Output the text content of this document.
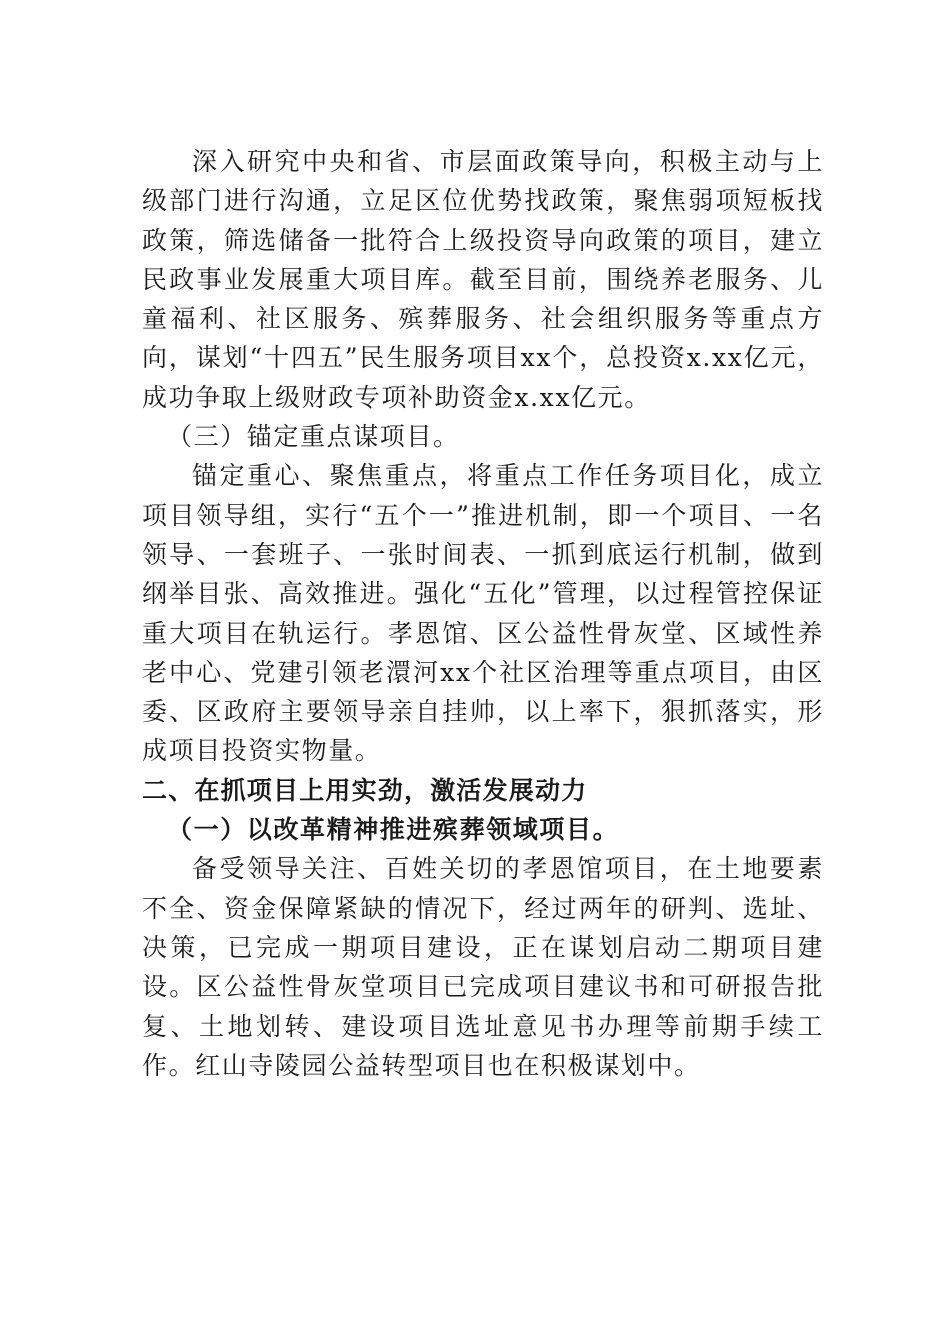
深入研究中央和省、市层面政策导向，积极主动与上级部门进行沟通，立足区位优势找政策，聚焦弱项短板找政策，筛选储备一批符合上级投资导向政策的项目，建立民政事业发展重大项目库。截至目前，围绕养老服务、儿童福利、社区服务、殡葬服务、社会组织服务等重点方向，谋划“十四五”民生服务项目xx个，总投资x.xx亿元，成功争取上级财政专项补助资金x.xx亿元。

（三）锚定重点谋项目。

锚定重心、聚焦重点，将重点工作任务项目化，成立项目领导组，实行“五个一”推进机制，即一个项目、一名领导、一套班子、一张时间表、一抓到底运行机制，做到纲举目张、高效推进。强化“五化”管理，以过程管控保证重大项目在轨运行。孝恩馆、区公益性骨灰堂、区域性养老中心、党建引领老澴河xx个社区治理等重点项目，由区委、区政府主要领导亲自挂帅，以上率下，狠抓落实，形成项目投资实物量。

二、在抓项目上用实劲，激活发展动力

（一）以改革精神推进殡葬领域项目。

备受领导关注、百姓关切的孝恩馆项目，在土地要素不全、资金保障紧缺的情况下，经过两年的研判、选址、决策，已完成一期项目建设，正在谋划启动二期项目建设。区公益性骨灰堂项目已完成项目建议书和可研报告批复、土地划转、建设项目选址意见书办理等前期手续工作。红山寺陵园公益转型项目也在积极谋划中。
